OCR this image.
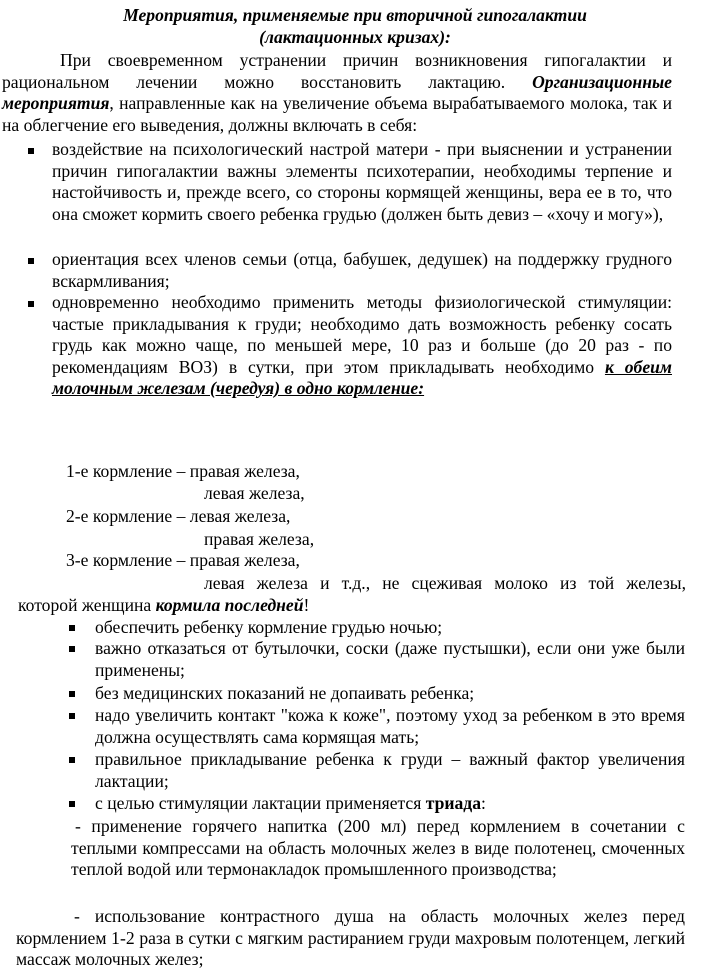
Мероприятия, применяемые при вторичной гипогалактии
(лактационных кризах):
При своевременном устранении причин возникновения гипогалактии и рациональном лечении можно восстановить лактацию. Организационные мероприятия, направленные как на увеличение объема вырабатываемого молока, так и на облегчение его выведения, должны включать в себя:
воздействие на психологический настрой матери - при выяснении и устранении причин гипогалактии важны элементы психотерапии, необходимы терпение и настойчивость и, прежде всего, со стороны кормящей женщины, вера ее в то, что она сможет кормить своего ребенка грудью (должен быть девиз – «хочу и могу»),
ориентация всех членов семьи (отца, бабушек, дедушек) на поддержку грудного вскармливания;
одновременно необходимо применить методы физиологической стимуляции: частые прикладывания к груди; необходимо дать возможность ребенку сосать грудь как можно чаще, по меньшей мере, 10 раз и больше (до 20 раз - по рекомендациям ВОЗ) в сутки, при этом прикладывать необходимо к обеим молочным железам (чередуя) в одно кормление:
1-е кормление – правая железа,
левая железа,
2-е кормление – левая железа,
правая железа,
3-е кормление – правая железа,
левая железа и т.д., не сцеживая молоко из той железы,
которой женщина кормила последней!
обеспечить ребенку кормление грудью ночью;
важно отказаться от бутылочки, соски (даже пустышки), если они уже были применены;
без медицинских показаний не допаивать ребенка;
надо увеличить контакт "кожа к коже", поэтому уход за ребенком в это время должна осуществлять сама кормящая мать;
правильное прикладывание ребенка к груди – важный фактор увеличения лактации;
с целью стимуляции лактации применяется триада:
- применение горячего напитка (200 мл) перед кормлением в сочетании с теплыми компрессами на область молочных желез в виде полотенец, смоченных теплой водой или термонакладок промышленного производства;
- использование контрастного душа на область молочных желез перед кормлением 1-2 раза в сутки с мягким растиранием груди махровым полотенцем, легкий массаж молочных желез;
